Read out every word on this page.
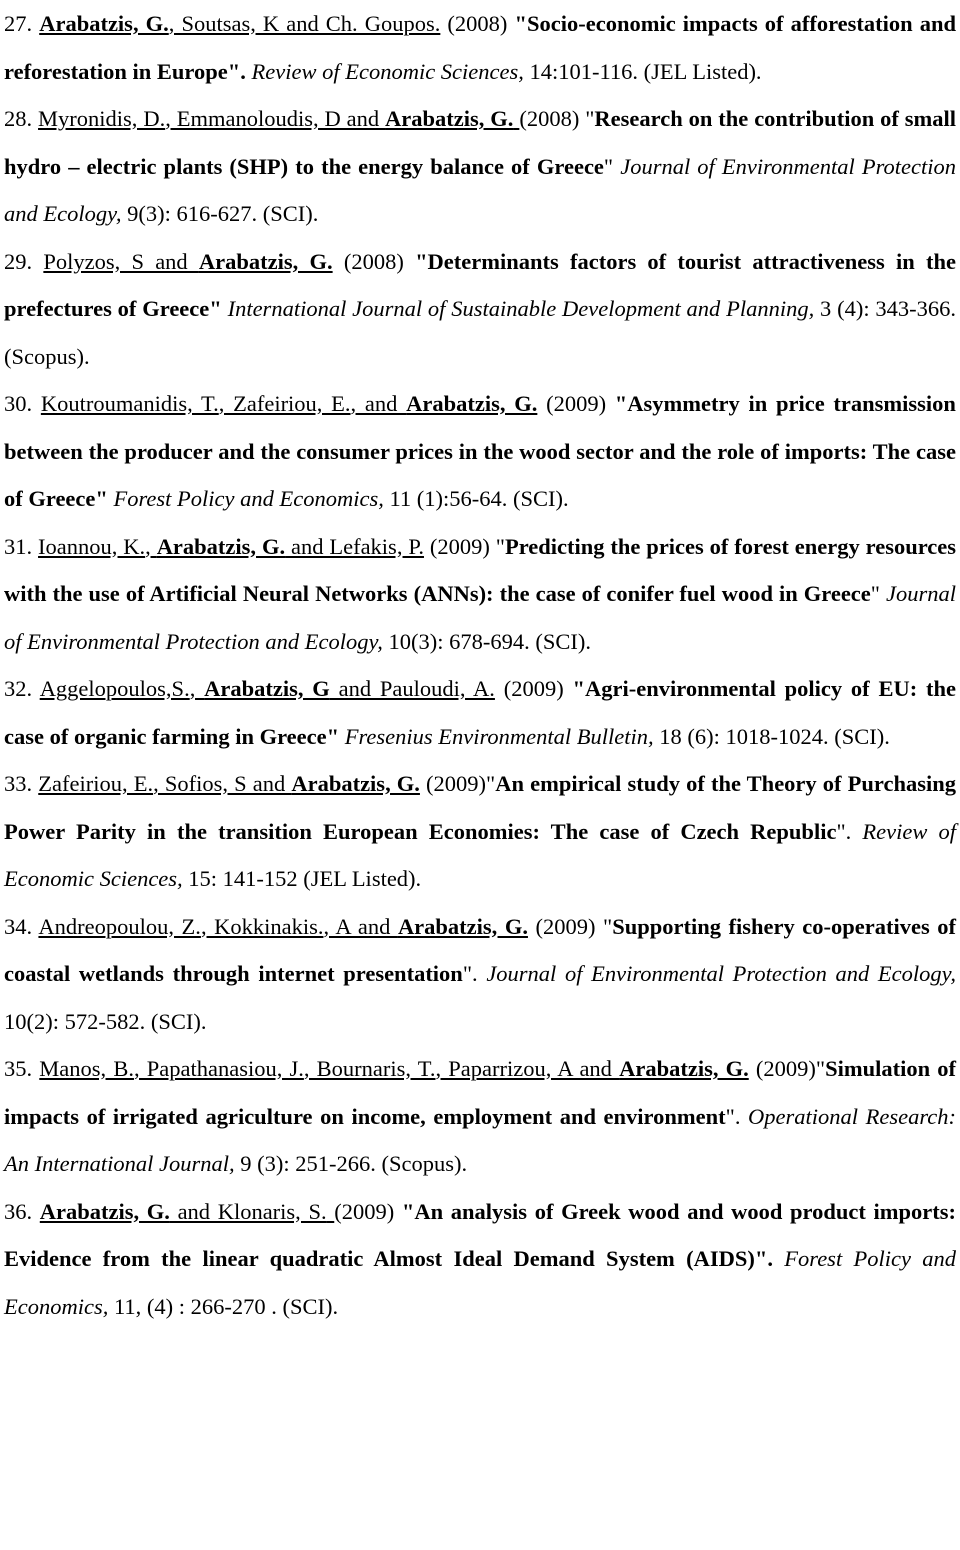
27. Arabatzis, G., Soutsas, K and Ch. Goupos. (2008) "Socio-economic impacts of afforestation and reforestation in Europe". Review of Economic Sciences, 14:101-116. (JEL Listed).

28. Myronidis, D., Emmanoloudis, D and Arabatzis, G. (2008) "Research on the contribution of small hydro – electric plants (SHP) to the energy balance of Greece" Journal of Environmental Protection and Ecology, 9(3): 616-627. (SCI).

29. Polyzos, S and Arabatzis, G. (2008) "Determinants factors of tourist attractiveness in the prefectures of Greece" International Journal of Sustainable Development and Planning, 3 (4): 343-366. (Scopus).

30. Koutroumanidis, T., Zafeiriou, E., and Arabatzis, G. (2009) "Asymmetry in price transmission between the producer and the consumer prices in the wood sector and the role of imports: The case of Greece" Forest Policy and Economics, 11 (1):56-64. (SCI).

31. Ioannou, K., Arabatzis, G. and Lefakis, P. (2009) "Predicting the prices of forest energy resources with the use of Artificial Neural Networks (ANNs): the case of conifer fuel wood in Greece" Journal of Environmental Protection and Ecology, 10(3): 678-694. (SCI).

32. Aggelopoulos,S., Arabatzis, G and Pauloudi, A. (2009) "Agri-environmental policy of EU: the case of organic farming in Greece" Fresenius Environmental Bulletin, 18 (6): 1018-1024. (SCI).

33. Zafeiriou, E., Sofios, S and Arabatzis, G. (2009)"An empirical study of the Theory of Purchasing Power Parity in the transition European Economies: The case of Czech Republic". Review of Economic Sciences, 15: 141-152 (JEL Listed).

34. Andreopoulou, Z., Kokkinakis., A and Arabatzis, G. (2009) "Supporting fishery co-operatives of coastal wetlands through internet presentation". Journal of Environmental Protection and Ecology, 10(2): 572-582. (SCI).

35. Manos, B., Papathanasiou, J., Bournaris, T., Paparrizou, A and Arabatzis, G. (2009)"Simulation of impacts of irrigated agriculture on income, employment and environment". Operational Research: An International Journal, 9 (3): 251-266. (Scopus).

36. Arabatzis, G. and Klonaris, S. (2009) "An analysis of Greek wood and wood product imports: Evidence from the linear quadratic Almost Ideal Demand System (AIDS)". Forest Policy and Economics, 11, (4) : 266-270 . (SCI).
